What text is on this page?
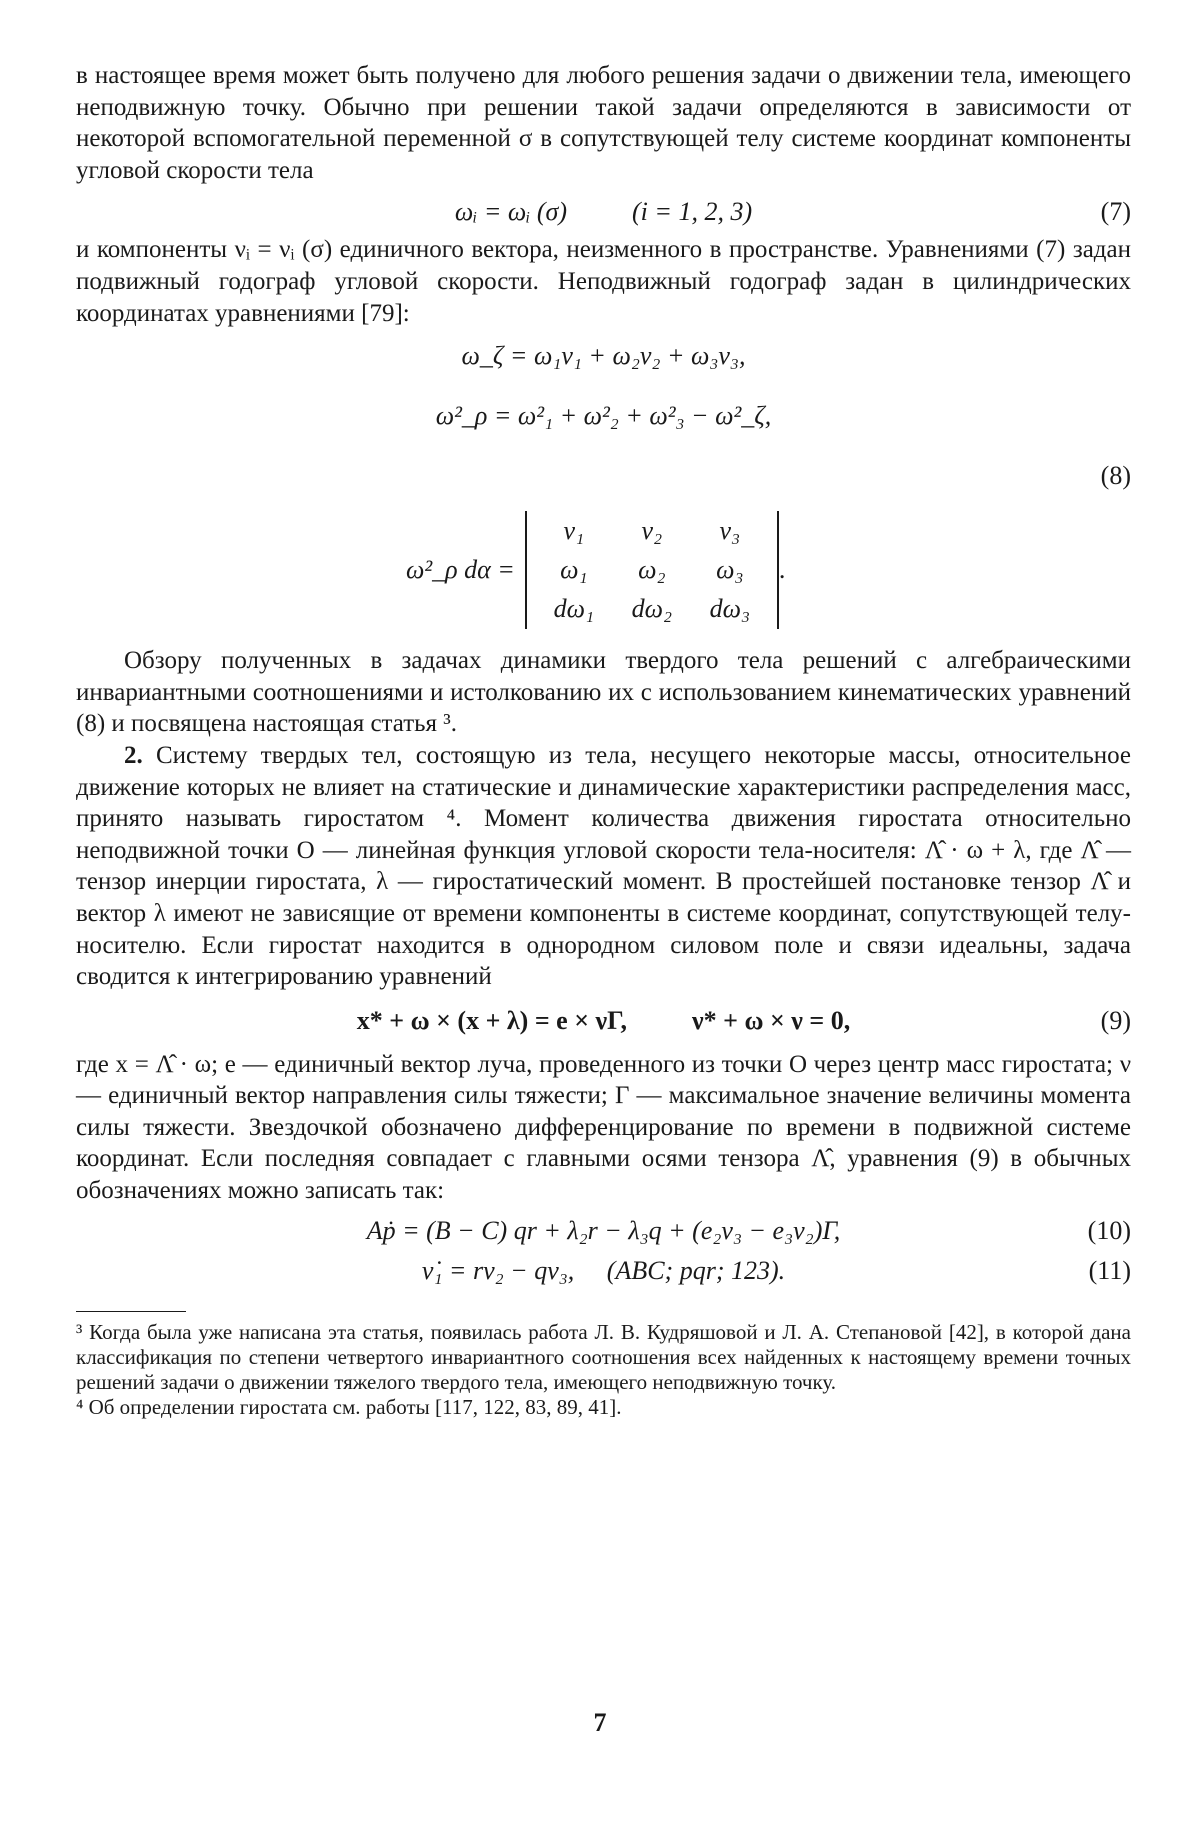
в настоящее время может быть получено для любого решения задачи о движении тела, имеющего неподвижную точку. Обычно при решении такой задачи определяются в зависимости от некоторой вспомогательной переменной σ в сопутствующей телу системе координат компоненты угловой скорости тела

ωᵢ = ωᵢ (σ)          (i = 1, 2, 3)	(7)

и компоненты νᵢ = νᵢ (σ) единичного вектора, неизменного в пространстве. Уравнениями (7) задан подвижный годограф угловой скорости. Неподвижный годограф задан в цилиндрических координатах уравнениями [79]:

ω_ζ = ω₁ν₁ + ω₂ν₂ + ω₃ν₃,
ω²_ρ = ω²₁ + ω²₂ + ω²₃ − ω²_ζ,
(8)
ω²_ρ dα =
ν₁	ν₂	ν₃
ω₁	ω₂	ω₃
dω₁	dω₂	dω₃
.

Обзору полученных в задачах динамики твердого тела решений с алгебраическими инвариантными соотношениями и истолкованию их с использованием кинематических уравнений (8) и посвящена настоящая статья ³.

2. Систему твердых тел, состоящую из тела, несущего некоторые массы, относительное движение которых не влияет на статические и динамические характеристики распределения масс, принято называть гиростатом ⁴. Момент количества движения гиростата относительно неподвижной точки O — линейная функция угловой скорости тела-носителя: Λ̂ · ω + λ, где Λ̂ — тензор инерции гиростата, λ — гиростатический момент. В простейшей постановке тензор Λ̂ и вектор λ имеют не зависящие от времени компоненты в системе координат, сопутствующей телу-носителю. Если гиростат находится в однородном силовом поле и связи идеальны, задача сводится к интегрированию уравнений

x* + ω × (x + λ) = e × νΓ,          ν* + ω × ν = 0,	(9)

где x = Λ̂ · ω; e — единичный вектор луча, проведенного из точки O через центр масс гиростата; ν — единичный вектор направления силы тяжести; Γ — максимальное значение величины момента силы тяжести. Звездочкой обозначено дифференцирование по времени в подвижной системе координат. Если последняя совпадает с главными осями тензора Λ̂, уравнения (9) в обычных обозначениях можно записать так:

Aṗ = (B − C) qr + λ₂r − λ₃q + (e₂ν₃ − e₃ν₂)Γ,	(10)
ν̇₁ = rν₂ − qν₃,     (ABC; pqr; 123).	(11)

³ Когда была уже написана эта статья, появилась работа Л. В. Кудряшовой и Л. А. Степановой [42], в которой дана классификация по степени четвертого инвариантного соотношения всех найденных к настоящему времени точных решений задачи о движении тяжелого твердого тела, имеющего неподвижную точку.

⁴ Об определении гиростата см. работы [117, 122, 83, 89, 41].

7
